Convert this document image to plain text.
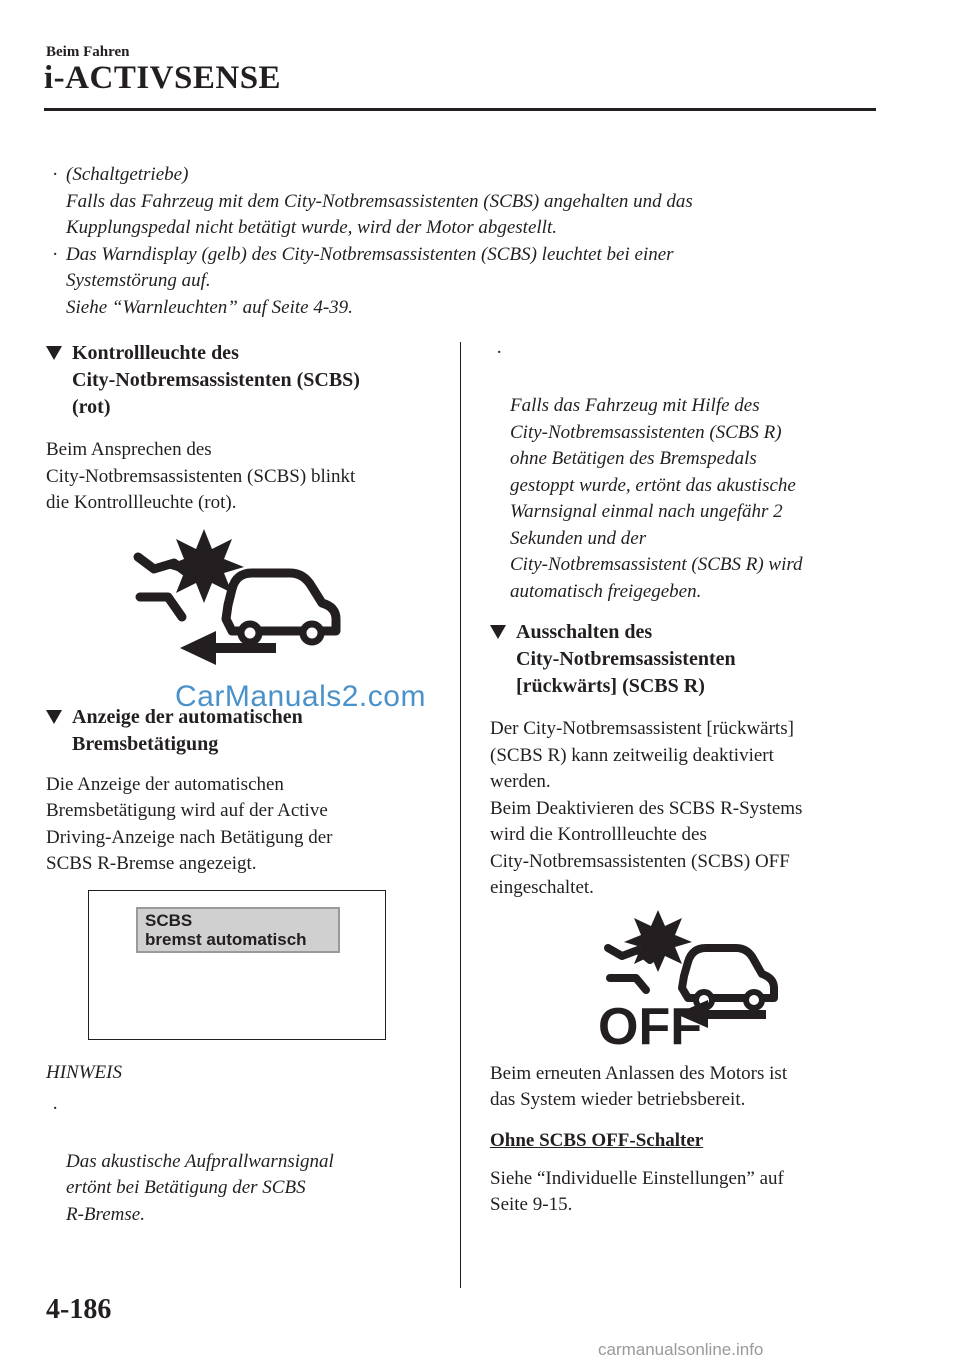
Beim Fahren
i-ACTIVSENSE
· (Schaltgetriebe)
Falls das Fahrzeug mit dem City-Notbremsassistenten (SCBS) angehalten und das
Kupplungspedal nicht betätigt wurde, wird der Motor abgestellt.
· Das Warndisplay (gelb) des City-Notbremsassistenten (SCBS) leuchtet bei einer
Systemstörung auf.
Siehe “Warnleuchten” auf Seite 4-39.
Kontrollleuchte des
City-Notbremsassistenten (SCBS)
(rot)
Beim Ansprechen des
City-Notbremsassistenten (SCBS) blinkt
die Kontrollleuchte (rot).
Anzeige der automatischen
Bremsbetätigung
Die Anzeige der automatischen
Bremsbetätigung wird auf der Active
Driving-Anzeige nach Betätigung der
SCBS R-Bremse angezeigt.
SCBS
bremst automatisch
HINWEIS

·

Das akustische Aufprallwarnsignal
ertönt bei Betätigung der SCBS
R-Bremse.

·

Falls das Fahrzeug mit Hilfe des
City-Notbremsassistenten (SCBS R)
ohne Betätigen des Bremspedals
gestoppt wurde, ertönt das akustische
Warnsignal einmal nach ungefähr 2
Sekunden und der
City-Notbremsassistent (SCBS R) wird
automatisch freigegeben.

Ausschalten des
City-Notbremsassistenten
[rückwärts] (SCBS R)
Der City-Notbremsassistent [rückwärts]
(SCBS R) kann zeitweilig deaktiviert
werden.
Beim Deaktivieren des SCBS R-Systems
wird die Kontrollleuchte des
City-Notbremsassistenten (SCBS) OFF
eingeschaltet.
OFF
Beim erneuten Anlassen des Motors ist
das System wieder betriebsbereit.
Ohne SCBS OFF-Schalter
Siehe “Individuelle Einstellungen” auf
Seite 9-15.
CarManuals2.com
4-186
carmanualsonline.info
